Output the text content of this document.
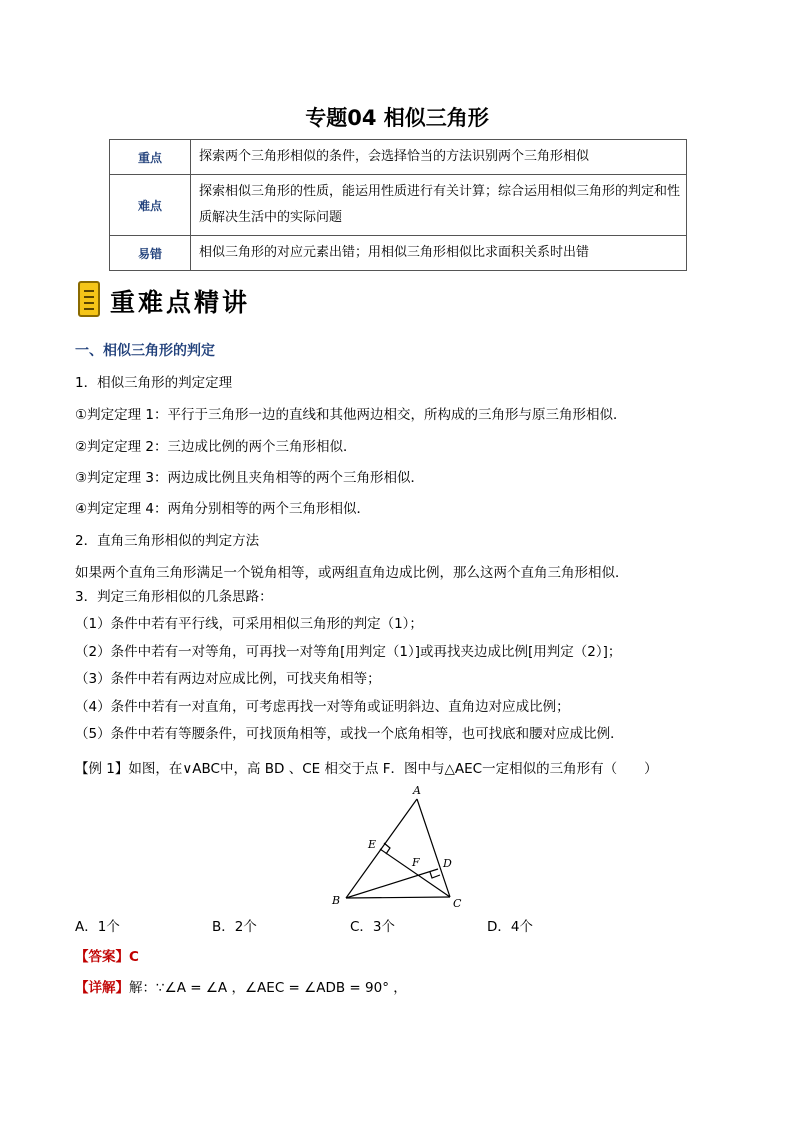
专题04 相似三角形
重点	探索两个三角形相似的条件，会选择恰当的方法识别两个三角形相似
难点	探索相似三角形的性质，能运用性质进行有关计算；综合运用相似三角形的判定和性质解决生活中的实际问题
易错	相似三角形的对应元素出错；用相似三角形相似比求面积关系时出错
重难点精讲
一、相似三角形的判定
1．相似三角形的判定定理
①判定定理 1：平行于三角形一边的直线和其他两边相交，所构成的三角形与原三角形相似．
②判定定理 2：三边成比例的两个三角形相似．
③判定定理 3：两边成比例且夹角相等的两个三角形相似．
④判定定理 4：两角分别相等的两个三角形相似．
2．直角三角形相似的判定方法
如果两个直角三角形满足一个锐角相等，或两组直角边成比例，那么这两个直角三角形相似．
3．判定三角形相似的几条思路：
（1）条件中若有平行线，可采用相似三角形的判定（1）；
（2）条件中若有一对等角，可再找一对等角[用判定（1）]或再找夹边成比例[用判定（2）]；
（3）条件中若有两边对应成比例，可找夹角相等；
（4）条件中若有一对直角，可考虑再找一对等角或证明斜边、直角边对应成比例；
（5）条件中若有等腰条件，可找顶角相等，或找一个底角相等，也可找底和腰对应成比例．
【例 1】如图，在∨ABC中，高 BD 、CE 相交于点 F．图中与△AEC一定相似的三角形有（　　）
A
B	C
D
E
F
A．1个	B．2个	C．3个	D．4个
【答案】C
【详解】解：∵∠A = ∠A ，∠AEC = ∠ADB = 90° ，
